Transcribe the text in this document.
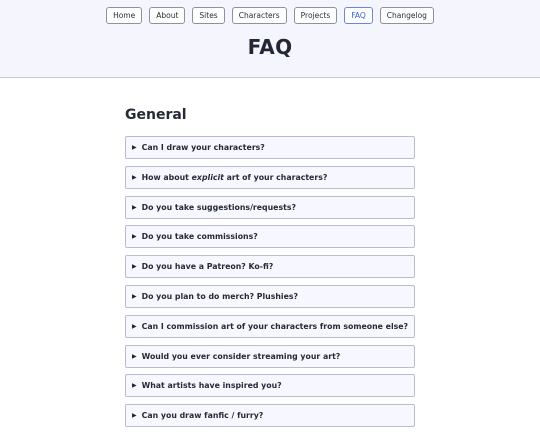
Home	About	Sites	Characters	Projects	FAQ	Changelog
FAQ
General
▶ Can I draw your characters?
▶ How about explicit art of your characters?
▶ Do you take suggestions/requests?
▶ Do you take commissions?
▶ Do you have a Patreon? Ko-fi?
▶ Do you plan to do merch? Plushies?
▶ Can I commission art of your characters from someone else?
▶ Would you ever consider streaming your art?
▶ What artists have inspired you?
▶ Can you draw fanfic / furry?
